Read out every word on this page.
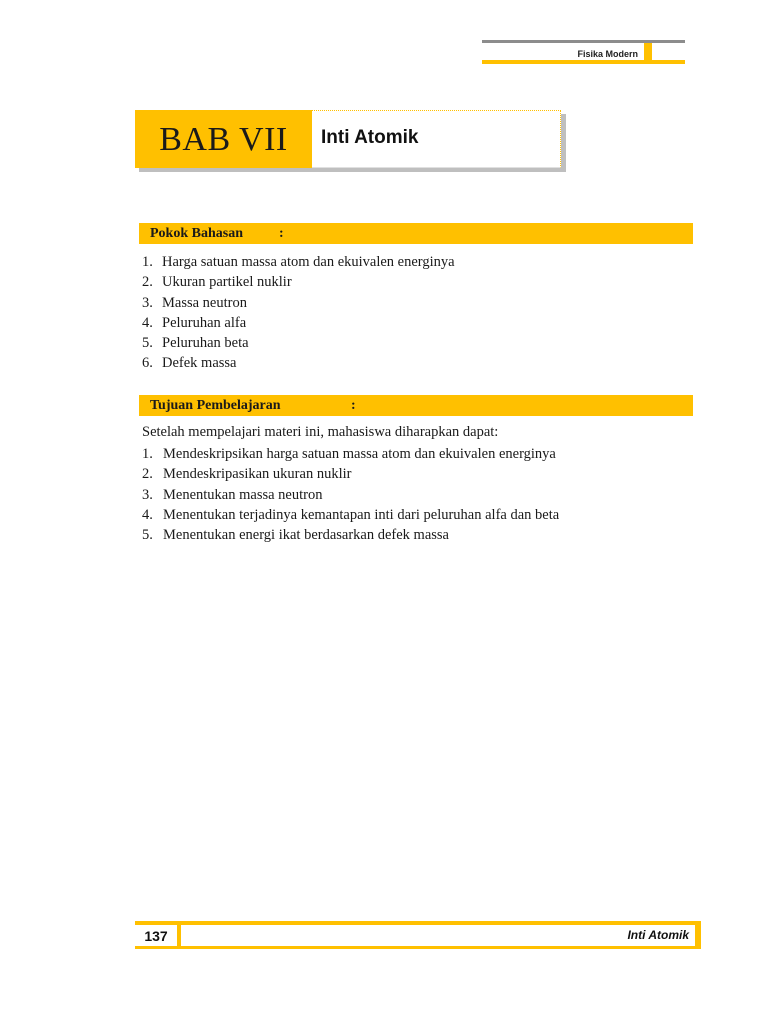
Fisika Modern
BAB VII Inti Atomik
Pokok Bahasan	:
1. Harga satuan massa atom dan ekuivalen energinya
2. Ukuran partikel nuklir
3. Massa neutron
4. Peluruhan alfa
5. Peluruhan beta
6. Defek massa
Tujuan Pembelajaran	:
Setelah mempelajari materi ini, mahasiswa diharapkan dapat:
1. Mendeskripsikan harga satuan massa atom dan ekuivalen energinya
2. Mendeskripasikan ukuran nuklir
3. Menentukan massa neutron
4. Menentukan terjadinya kemantapan inti dari peluruhan alfa dan beta
5. Menentukan energi ikat berdasarkan defek massa
137	Inti Atomik
